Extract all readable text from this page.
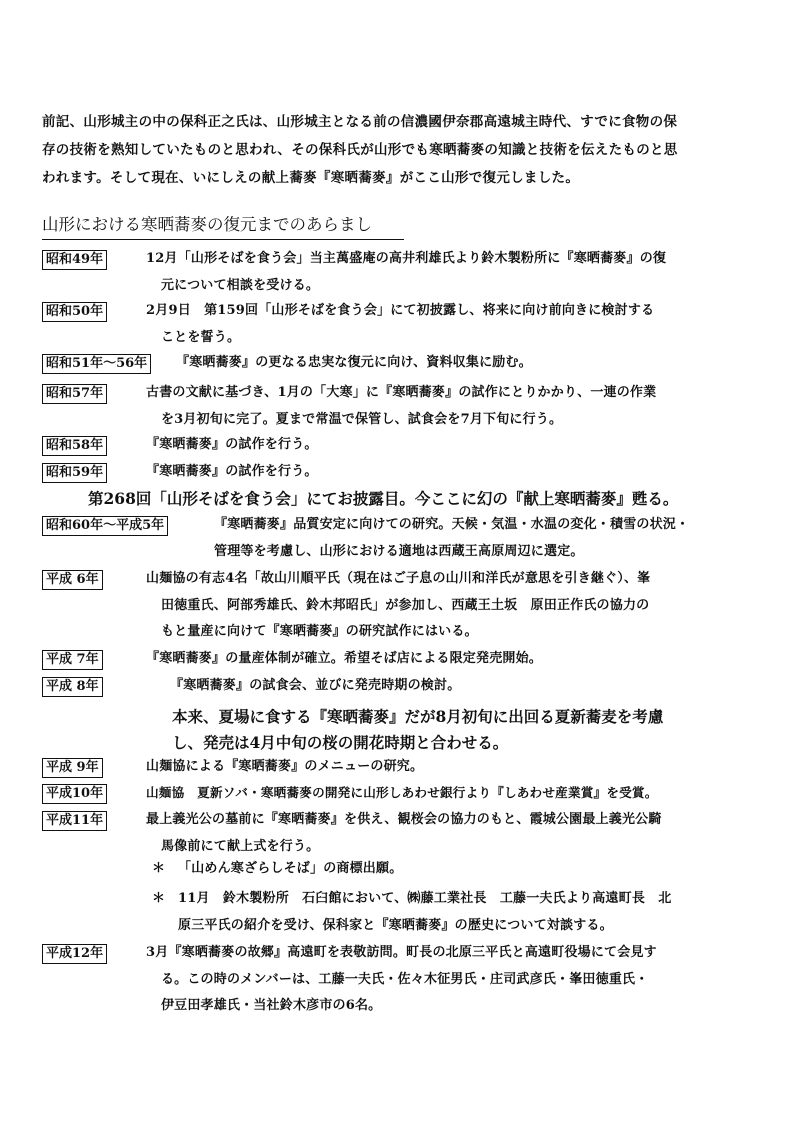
前記、山形城主の中の保科正之氏は、山形城主となる前の信濃國伊奈郡高遠城主時代、すでに食物の保
存の技術を熟知していたものと思われ、その保科氏が山形でも寒晒蕎麥の知識と技術を伝えたものと思
われます。そして現在、いにしえの献上蕎麥『寒晒蕎麥』がここ山形で復元しました。
山形における寒晒蕎麥の復元までのあらまし
昭和49年	12月「山形そばを食う会」当主萬盛庵の高井利雄氏より鈴木製粉所に『寒晒蕎麥』の復
元について相談を受ける。
昭和50年	2月9日　第159回「山形そばを食う会」にて初披露し、将来に向け前向きに検討する
ことを誓う。
昭和51年～56年	『寒晒蕎麥』の更なる忠実な復元に向け、資料収集に励む。
昭和57年	古書の文献に基づき、1月の「大寒」に『寒晒蕎麥』の試作にとりかかり、一連の作業
を3月初旬に完了。夏まで常温で保管し、試食会を7月下旬に行う。
昭和58年	『寒晒蕎麥』の試作を行う。
昭和59年	『寒晒蕎麥』の試作を行う。
第268回「山形そばを食う会」にてお披露目。今ここに幻の『献上寒晒蕎麥』甦る。
昭和60年～平成5年	『寒晒蕎麥』品質安定に向けての研究。天候・気温・水温の変化・積雪の状況・
管理等を考慮し、山形における適地は西蔵王高原周辺に選定。
平成 6年	山麺協の有志4名「故山川順平氏（現在はご子息の山川和洋氏が意思を引き継ぐ）、峯
田徳重氏、阿部秀雄氏、鈴木邦昭氏」が参加し、西蔵王土坂　原田正作氏の協力の
もと量産に向けて『寒晒蕎麥』の研究試作にはいる。
平成 7年	『寒晒蕎麥』の量産体制が確立。希望そば店による限定発売開始。
平成 8年	『寒晒蕎麥』の試食会、並びに発売時期の検討。
本来、夏場に食する『寒晒蕎麥』だが8月初旬に出回る夏新蕎麦を考慮
し、発売は4月中旬の桜の開花時期と合わせる。
平成 9年	山麺協による『寒晒蕎麥』のメニューの研究。
平成10年	山麺協　夏新ソバ・寒晒蕎麥の開発に山形しあわせ銀行より『しあわせ産業賞』を受賞。
平成11年	最上義光公の墓前に『寒晒蕎麥』を供え、観桜会の協力のもと、霞城公園最上義光公騎
馬像前にて献上式を行う。
＊ 「山めん寒ざらしそば」の商標出願。
＊ 11月　鈴木製粉所　石臼館において、㈱藤工業社長　工藤一夫氏より高遠町長　北
原三平氏の紹介を受け、保科家と『寒晒蕎麥』の歴史について対談する。
平成12年	3月『寒晒蕎麥の故郷』高遠町を表敬訪問。町長の北原三平氏と高遠町役場にて会見す
る。この時のメンバーは、工藤一夫氏・佐々木征男氏・庄司武彦氏・峯田徳重氏・
伊豆田孝雄氏・当社鈴木彦市の6名。
